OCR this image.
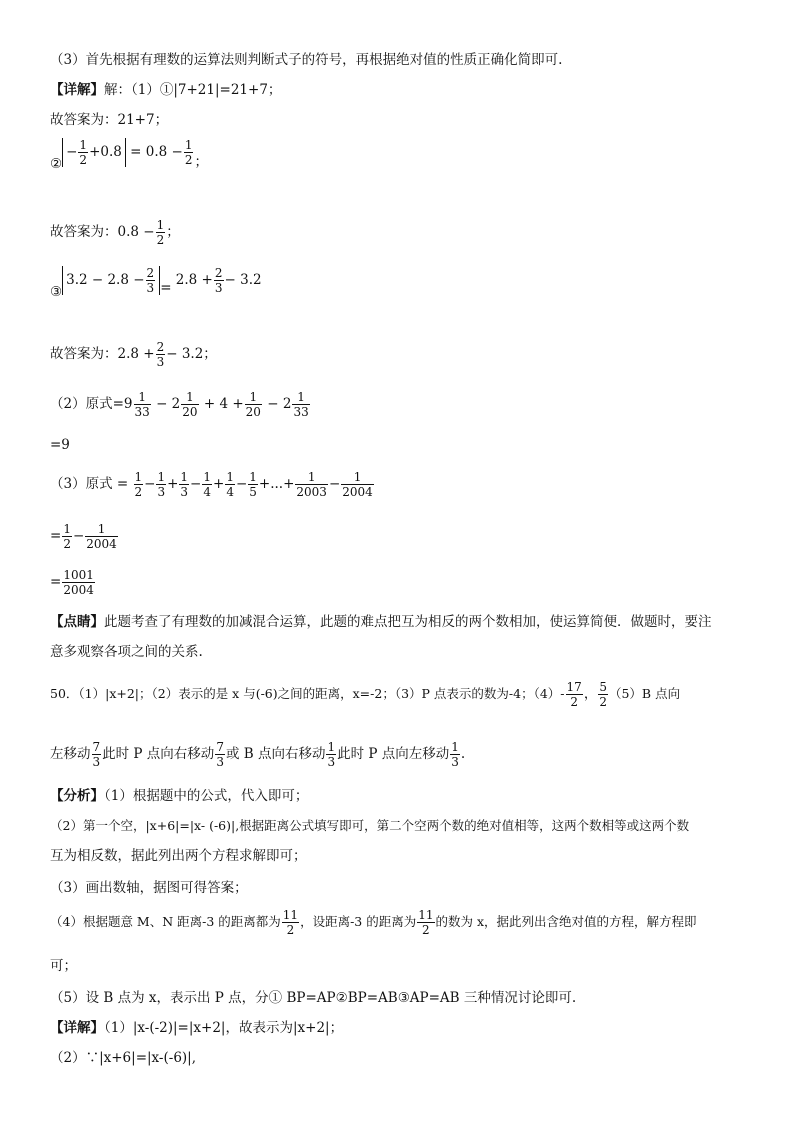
（3）首先根据有理数的运算法则判断式子的符号，再根据绝对值的性质正确化简即可.
【详解】解：（1）①|7+21|=21+7；
故答案为：21+7；
②− $\frac{1}{2} +0.8 = 0.8 - \frac{1}{2}$ ；
故答案为：$0.8 - \frac{1}{2}$ ；
③3.2 − $2.8 - \frac{2}{3} = 2.8 + \frac{2}{3} - 3.2$
故答案为：$2.8 + \frac{2}{3} - 3.2$；
（2）原式$=9 \frac{1}{33} - 2 \frac{1}{20} + 4 + \frac{1}{20} - 2 \frac{1}{33}$
=9
（3）原式 = $\frac{1}{2} - \frac{1}{3} + \frac{1}{3} - \frac{1}{4} + \frac{1}{4} - \frac{1}{5}$ +...+ $\frac{1}{2003} - \frac{1}{2004}$
= $\frac{1}{2} - \frac{1}{2004}$
= $\frac{1001}{2004}$
【点睛】此题考查了有理数的加减混合运算，此题的难点把互为相反的两个数相加，使运算简便．做题时，要注
意多观察各项之间的关系.
50．（1）|x+2|；（2）表示的是 x 与(-6)之间的距离，x=-2；（3）P 点表示的数为-4；$(4)- \frac{17}{2}$ ， $\frac{5}{2} (5)B$ 点向
左移动 $\frac{7}{3}$ 此时 P 点向右移动 $\frac{7}{3}$ 或 B 点向右移动 $\frac{1}{3}$ 此时 P 点向左移动 $\frac{1}{3}$ .
【分析】（1）根据题中的公式，代入即可；
（2）第一个空，|x+6|=|x- (-6)|,根据距离公式填写即可，第二个空两个数的绝对值相等，这两个数相等或这两个数
互为相反数，据此列出两个方程求解即可；
（3）画出数轴，据图可得答案；
（4）根据题意 M、N 距离-3 的距离都为 $\frac{11}{2}$ ，设距离-3 的距离为 $\frac{11}{2}$ 的数为 x，据此列出含绝对值的方程，解方程即
可；
（5）设 B 点为 x，表示出 P 点，分① BP=AP②BP=AB③AP=AB 三种情况讨论即可.
【详解】（1）|x-(-2)|=|x+2|，故表示为|x+2|；
（2）∵|x+6|=|x-(-6)|,
